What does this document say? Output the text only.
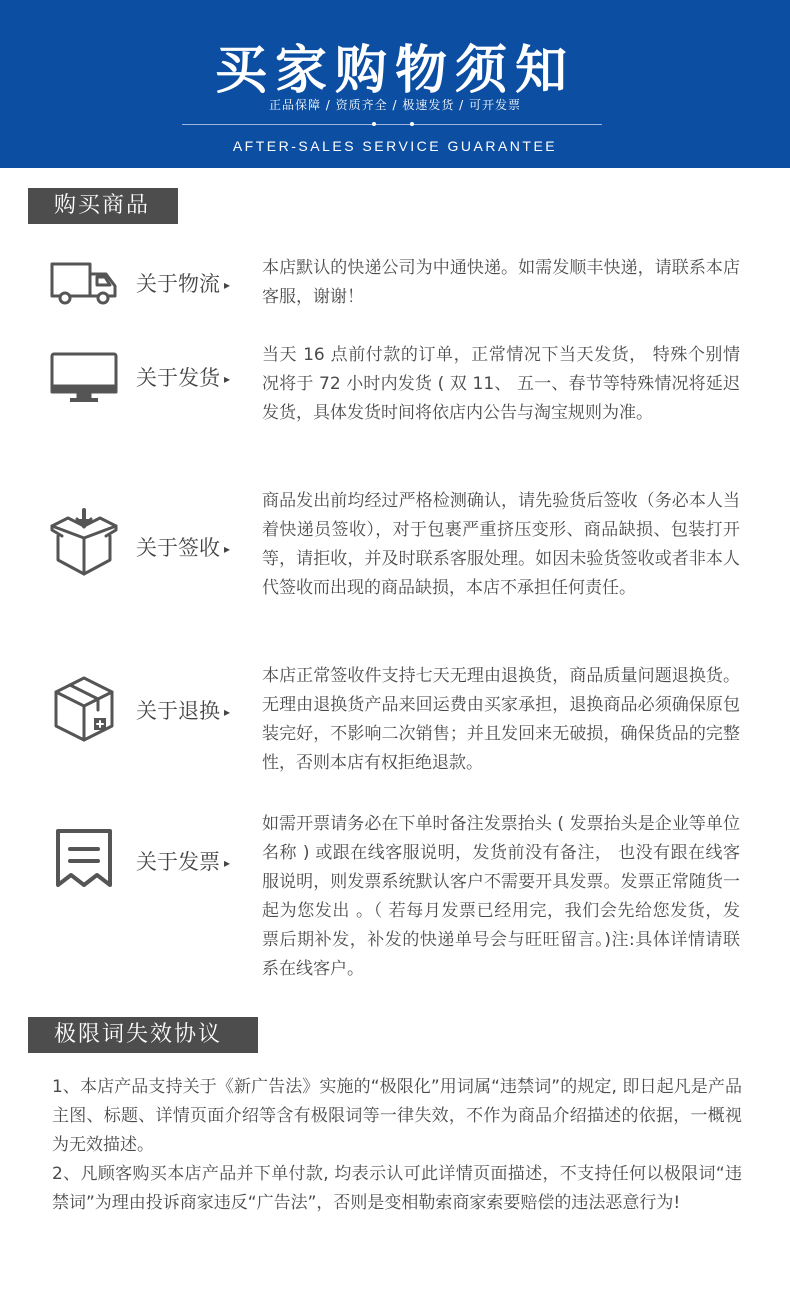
买家购物须知
正品保障 / 资质齐全 / 极速发货 / 可开发票
AFTER-SALES SERVICE GUARANTEE
购买商品
关于物流 ▸
本店默认的快递公司为中通快递。如需发顺丰快递，请联系本店客服，谢谢！
关于发货 ▸
当天 16 点前付款的订单，正常情况下当天发货， 特殊个别情况将于 72 小时内发货 ( 双 11、 五一、春节等特殊情况将延迟发货，具体发货时间将依店内公告与淘宝规则为准。
关于签收 ▸
商品发出前均经过严格检测确认，请先验货后签收（务必本人当着快递员签收），对于包裹严重挤压变形、商品缺损、包装打开等，请拒收，并及时联系客服处理。如因未验货签收或者非本人代签收而出现的商品缺损，本店不承担任何责任。
关于退换 ▸
本店正常签收件支持七天无理由退换货，商品质量问题退换货。无理由退换货产品来回运费由买家承担，退换商品必须确保原包装完好，不影响二次销售；并且发回来无破损，确保货品的完整性，否则本店有权拒绝退款。
关于发票 ▸
如需开票请务必在下单时备注发票抬头 ( 发票抬头是企业等单位名称 ) 或跟在线客服说明，发货前没有备注， 也没有跟在线客服说明，则发票系统默认客户不需要开具发票。发票正常随货一起为您发出 。（ 若每月发票已经用完，我们会先给您发货，发票后期补发，补发的快递单号会与旺旺留言。)注:具体详情请联系在线客户。
极限词失效协议
1、本店产品支持关于《新广告法》实施的“极限化”用词属“违禁词”的规定, 即日起凡是产品主图、标题、详情页面介绍等含有极限词等一律失效，不作为商品介绍描述的依据，一概视为无效描述。
2、凡顾客购买本店产品并下单付款, 均表示认可此详情页面描述，不支持任何以极限词“违禁词”为理由投诉商家违反“广告法”，否则是变相勒索商家索要赔偿的违法恶意行为!
